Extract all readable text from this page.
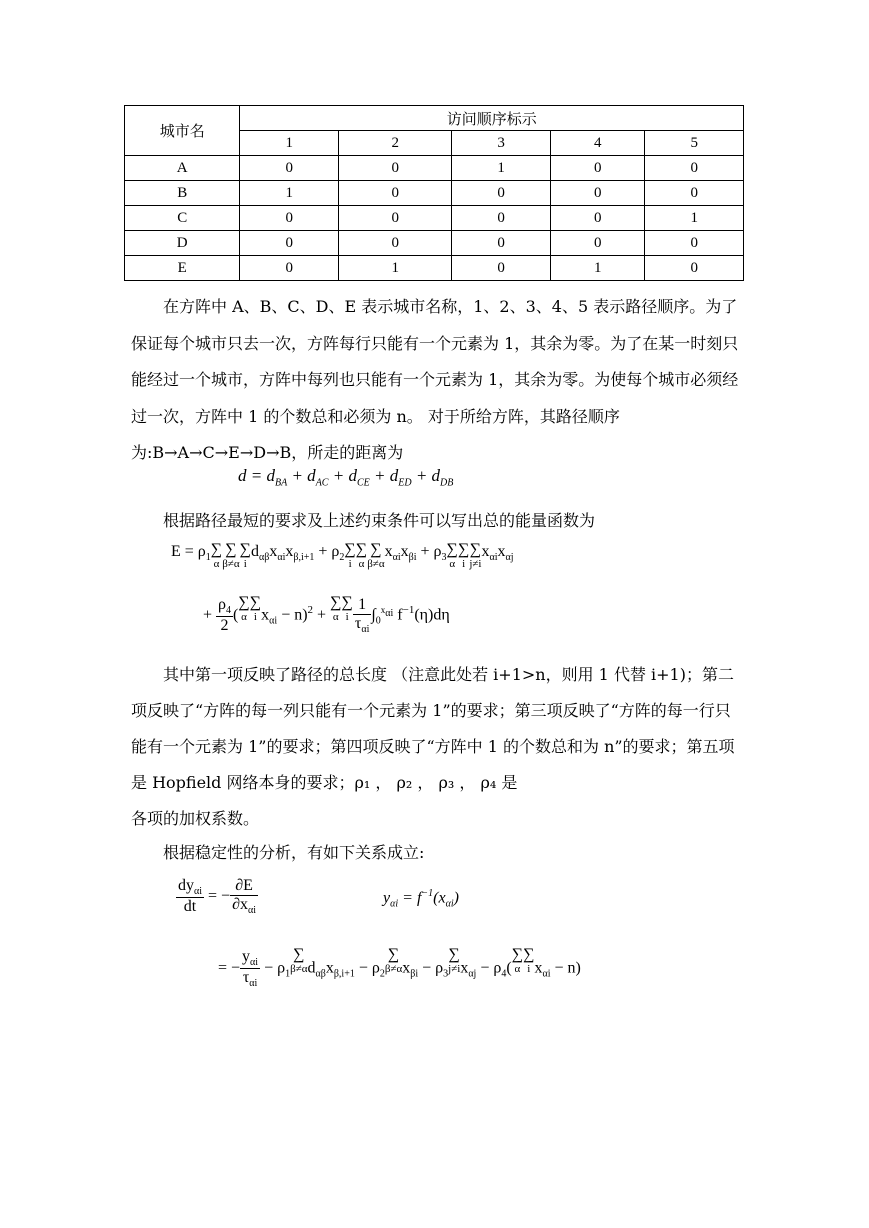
城市名	访问顺序标示				
	1	2	3	4	5
A	0	0	1	0	0
B	1	0	0	0	0
C	0	0	0	0	1
D	0	0	0	0	0
E	0	1	0	1	0
　　在方阵中 A、B、C、D、E 表示城市名称，1、2、3、4、5 表示路径顺序。为了保证每个城市只去一次，方阵每行只能有一个元素为 1，其余为零。为了在某一时刻只能经过一个城市，方阵中每列也只能有一个元素为 1，其余为零。为使每个城市必须经过一次，方阵中 1 的个数总和必须为 n。 对于所给方阵，其路径顺序为:B→A→C→E→D→B，所走的距离为
$d = d_{BA} + d_{AC} + d_{CE} + d_{ED} + d_{DB}$
　　根据路径最短的要求及上述约束条件可以写出总的能量函数为
$E = \rho_1$ ∑
α
∑
β≠α
∑
i
$d_{\alpha\beta}x_{\alpha i}x_{\beta,i+1} + \rho_2$ ∑
i
∑
α
∑
β≠α
$x_{\alpha i}x_{\beta i} + \rho_3$ ∑
α
∑
i
∑
j≠i
$x_{\alpha i}x_{\alpha j}$
+ $\frac{\rho_4}{2}$ (
∑
α
∑
i $x_{\alpha i} - n)^2$ +
∑
α
∑
i $\frac{1}{\tau_{\alpha i}} \int_0^{x_{\alpha i}}$ $f^{-1}(\eta)d\eta$
　　其中第一项反映了路径的总长度 （注意此处若 i+1>n，则用 1 代替 i+1)；第二项反映了“方阵的每一列只能有一个元素为 1”的要求；第三项反映了“方阵的每一行只能有一个元素为 1”的要求；第四项反映了“方阵中 1 的个数总和为 n”的要求；第五项是 Hopfield 网络本身的要求；ρ₁ ， ρ₂ ， ρ₃ ， ρ₄ 是
各项的加权系数。
　　根据稳定性的分析，有如下关系成立:
$\frac{dy_{\alpha i}}{dt}$ = − $\frac{\partial E}{\partial x_{\alpha i}}$	$y_{\alpha i} = f^{-1}(x_{\alpha i})$
= − $\frac{y_{\alpha i}}{\tau_{\alpha i}} - \rho_1$
∑
β≠α $d_{\alpha\beta}x_{\beta,i+1} - \rho_2$
∑
β≠α $x_{\beta i} - \rho_3$
∑
j≠i $x_{\alpha j} - \rho_4$(
∑
α
∑
i $x_{\alpha i} - n$)
